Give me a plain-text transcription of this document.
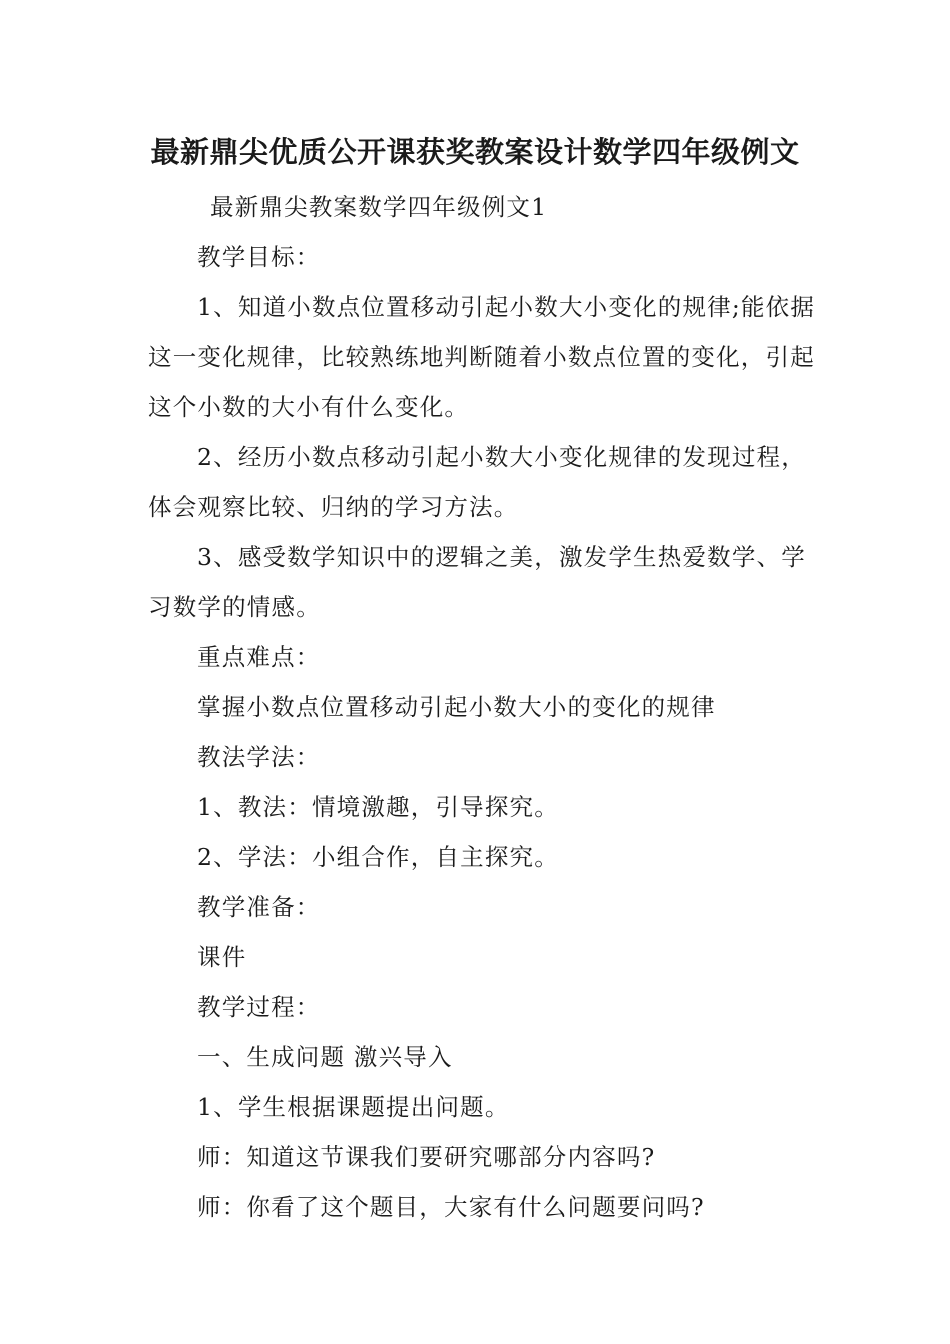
最新鼎尖优质公开课获奖教案设计数学四年级例文

最新鼎尖教案数学四年级例文1

教学目标：

1、知道小数点位置移动引起小数大小变化的规律;能依据这一变化规律，比较熟练地判断随着小数点位置的变化，引起这个小数的大小有什么变化。

2、经历小数点移动引起小数大小变化规律的发现过程，体会观察比较、归纳的学习方法。

3、感受数学知识中的逻辑之美，激发学生热爱数学、学习数学的情感。

重点难点：

掌握小数点位置移动引起小数大小的变化的规律

教法学法：

1、教法：情境激趣，引导探究。

2、学法：小组合作，自主探究。

教学准备：

课件

教学过程：

一、生成问题 激兴导入

1、学生根据课题提出问题。

师：知道这节课我们要研究哪部分内容吗?

师：你看了这个题目，大家有什么问题要问吗?
